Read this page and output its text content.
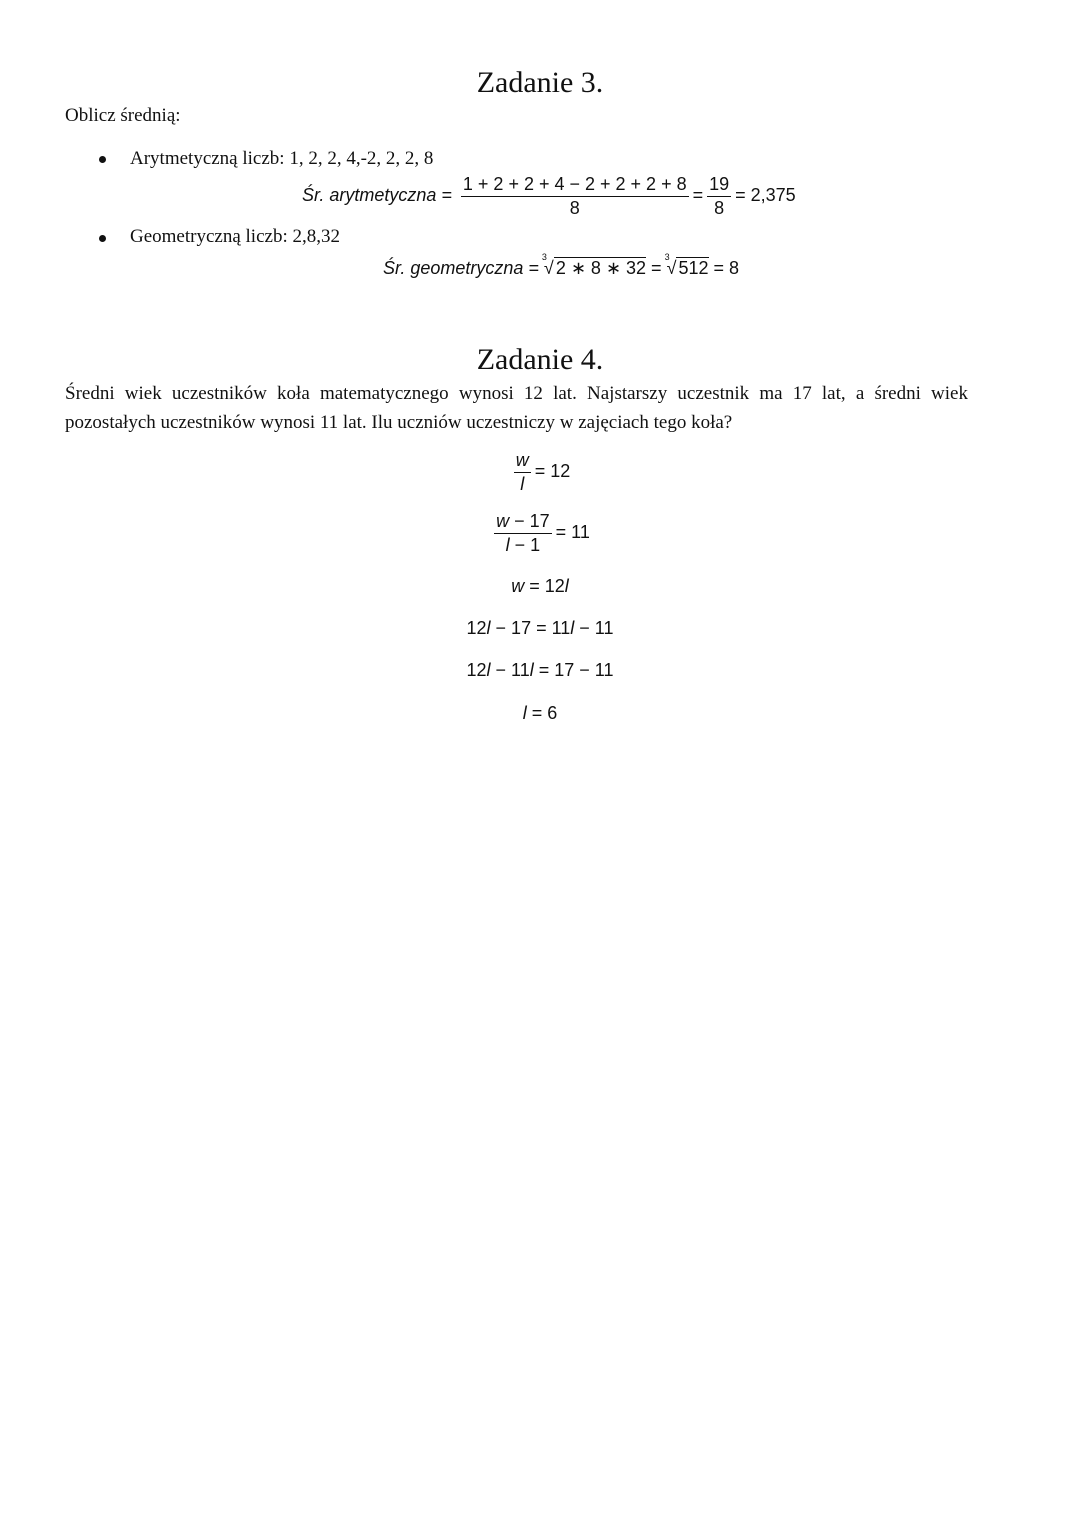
Zadanie 3.
Oblicz średnią:
Arytmetyczną liczb: 1, 2, 2, 4,-2, 2, 2, 8
Śr. arytmetyczna = $\frac{1 + 2 + 2 + 4 - 2 + 2 + 2 + 8}{8} = \frac{19}{8} = 2,375$
Geometryczną liczb: 2,8,32
Śr. geometryczna =
3
√ 2 ∗ 8 ∗ 32 =
3
√ 512 = 8
Zadanie 4.
Średni wiek uczestników koła matematycznego wynosi 12 lat. Najstarszy uczestnik ma 17 lat, a średni wiek pozostałych uczestników wynosi 11 lat. Ilu uczniów uczestniczy w zajęciach tego koła?
$\frac{w}{l} = 12$
$\frac{w - 17}{l - 1} = 11$
w = 12l
12l − 17 = 11l − 11
12l − 11l = 17 − 11
l = 6
